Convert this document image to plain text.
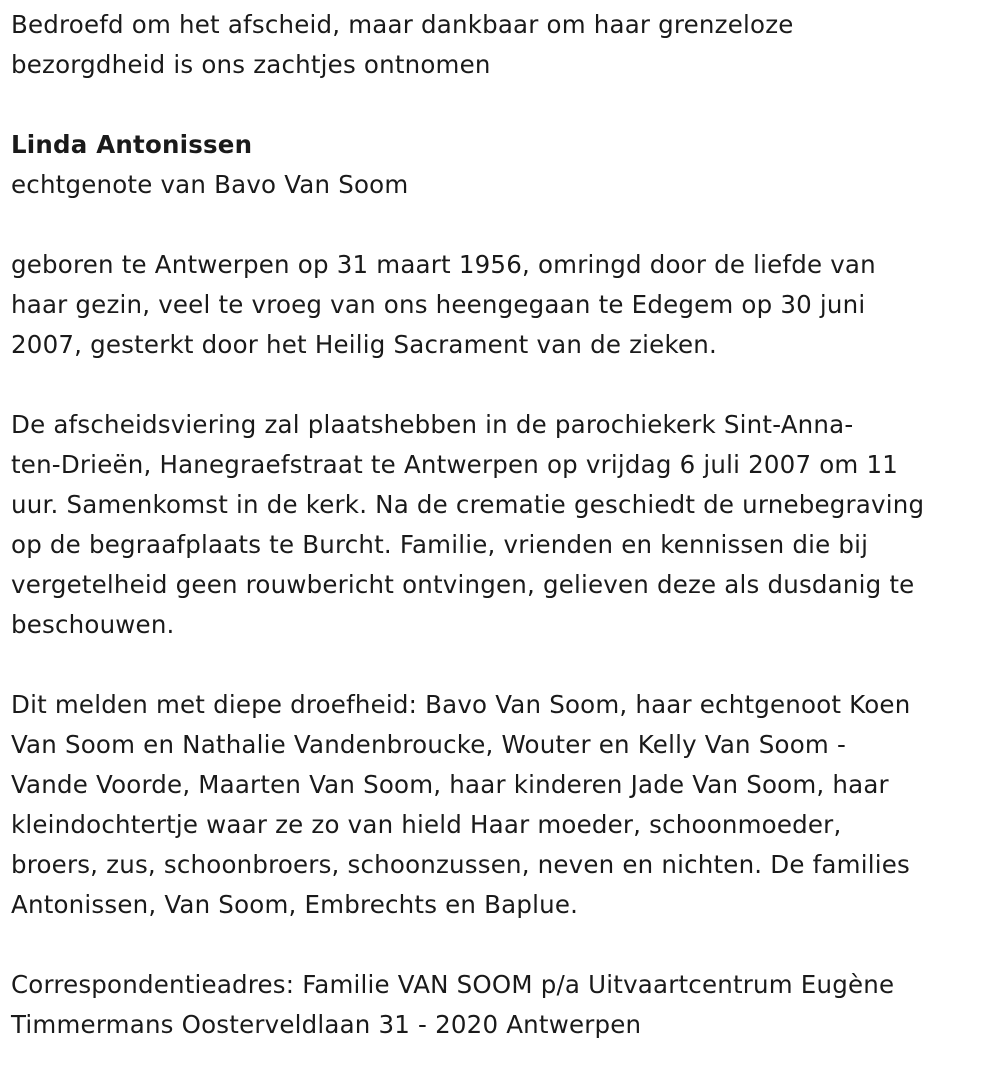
Bedroefd om het afscheid, maar dankbaar om haar grenzeloze

bezorgdheid is ons zachtjes ontnomen

Linda Antonissen

echtgenote van Bavo Van Soom

geboren te Antwerpen op 31 maart 1956, omringd door de liefde van

haar gezin, veel te vroeg van ons heengegaan te Edegem op 30 juni

2007, gesterkt door het Heilig Sacrament van de zieken.

De afscheidsviering zal plaatshebben in de parochiekerk Sint-Anna-

ten-Drieën, Hanegraefstraat te Antwerpen op vrijdag 6 juli 2007 om 11

uur. Samenkomst in de kerk. Na de crematie geschiedt de urnebegraving

op de begraafplaats te Burcht. Familie, vrienden en kennissen die bij

vergetelheid geen rouwbericht ontvingen, gelieven deze als dusdanig te

beschouwen.

Dit melden met diepe droefheid: Bavo Van Soom, haar echtgenoot Koen

Van Soom en Nathalie Vandenbroucke, Wouter en Kelly Van Soom -

Vande Voorde, Maarten Van Soom, haar kinderen Jade Van Soom, haar

kleindochtertje waar ze zo van hield Haar moeder, schoonmoeder,

broers, zus, schoonbroers, schoonzussen, neven en nichten. De families

Antonissen, Van Soom, Embrechts en Baplue.

Correspondentieadres: Familie VAN SOOM p/a Uitvaartcentrum Eugène

Timmermans Oosterveldlaan 31 - 2020 Antwerpen
